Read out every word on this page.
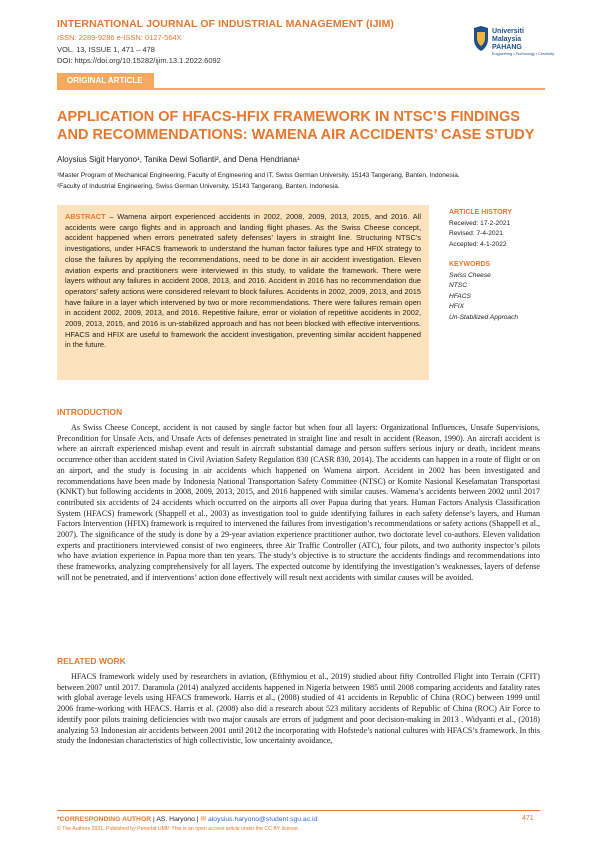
INTERNATIONAL JOURNAL OF INDUSTRIAL MANAGEMENT (IJIM)
ISSN: 2289-9286 e-ISSN: 0127-564X
VOL. 13, ISSUE 1, 471 – 478
DOI: https://doi.org/10.15282/ijim.13.1.2022.6092
Universiti
Malaysia
PAHANG
Engineering • Technology • Creativity
ORIGINAL ARTICLE
APPLICATION OF HFACS-HFIX FRAMEWORK IN NTSC’S FINDINGS AND RECOMMENDATIONS: WAMENA AIR ACCIDENTS’ CASE STUDY
Aloysius Sigit Haryono¹, Tanika Dewi Sofianti², and Dena Hendriana¹
¹Master Program of Mechanical Engineering, Faculty of Engineering and IT, Swiss German University, 15143 Tangerang, Banten, Indonesia.
²Faculty of Industrial Engineering, Swiss German University, 15143 Tangerang, Banten, Indonesia.
ABSTRACT – Wamena airport experienced accidents in 2002, 2008, 2009, 2013, 2015, and 2016. All accidents were cargo flights and in approach and landing flight phases. As the Swiss Cheese concept, accident happened when errors penetrated safety defenses’ layers in straight line. Structuring NTSC’s investigations, under HFACS framework to understand the human factor failures type and HFIX strategy to close the failures by applying the recommendations, need to be done in air accident investigation. Eleven aviation experts and practitioners were interviewed in this study, to validate the framework. There were layers without any failures in accident 2008, 2013, and 2016. Accident in 2016 has no recommendation due operators’ safety actions were considered relevant to block failures. Accidents in 2002, 2009, 2013, and 2015 have failure in a layer which intervened by two or more recommendations. There were failures remain open in accident 2002, 2009, 2013, and 2016. Repetitive failure, error or violation of repetitive accidents in 2002, 2009, 2013, 2015, and 2016 is un-stabilized approach and has not been blocked with effective interventions. HFACS and HFIX are useful to framework the accident investigation, preventing similar accident happened in the future.
ARTICLE HISTORY
Received: 17-2-2021
Revised: 7-4-2021
Accepted: 4-1-2022
KEYWORDS
Swiss Cheese
NTSC
HFACS
HFIX
Un-Stabilized Approach
INTRODUCTION
As Swiss Cheese Concept, accident is not caused by single factor but when four all layers: Organizational Influences, Unsafe Supervisions, Precondition for Unsafe Acts, and Unsafe Acts of defenses penetrated in straight line and result in accident (Reason, 1990). An aircraft accident is where an aircraft experienced mishap event and result in aircraft substantial damage and person suffers serious injury or death, incident means occurrence other than accident stated in Civil Aviation Safety Regulation 830 (CASR 830, 2014). The accidents can happen in a route of flight or on an airport, and the study is focusing in air accidents which happened on Wamena airport. Accident in 2002 has been investigated and recommendations have been made by Indonesia National Transportation Safety Committee (NTSC) or Komite Nasional Keselamatan Transportasi (KNKT) but following accidents in 2008, 2009, 2013, 2015, and 2016 happened with similar causes. Wamena’s accidents between 2002 until 2017 contributed six accidents of 24 accidents which occurred on the airports all over Papua during that years. Human Factors Analysis Classification System (HFACS) framework (Shappell et al., 2003) as investigation tool to guide identifying failures in each safety defense’s layers, and Human Factors Intervention (HFIX) framework is required to intervened the failures from investigation’s recommendations or safety actions (Shappell et al., 2007). The significance of the study is done by a 29-year aviation experience practitioner author, two doctorate level co-authors. Eleven validation experts and practitioners interviewed consist of two engineers, three Air Traffic Controller (ATC), four pilots, and two authority inspector’s pilots who have aviation experience in Papua more than ten years. The study’s objective is to structure the accidents findings and recommendations into these frameworks, analyzing comprehensively for all layers. The expected outcome by identifying the investigation’s weaknesses, layers of defense will not be penetrated, and if interventions’ action done effectively will result next accidents with similar causes will be avoided.
RELATED WORK
HFACS framework widely used by researchers in aviation, (Efthymiou et al., 2019) studied about fifty Controlled Flight into Terrain (CFIT) between 2007 until 2017. Daramola (2014) analyzed accidents happened in Nigeria between 1985 until 2008 comparing accidents and fatality rates with global average levels using HFACS framework. Harris et al., (2008) studied of 41 accidents in Republic of China (ROC) between 1999 until 2006 frame-working with HFACS. Harris et al. (2008) also did a research about 523 military accidents of Republic of China (ROC) Air Force to identify poor pilots training deficiencies with two major causals are errors of judgment and poor decision-making in 2013 . Widyanti et al., (2018) analyzing 53 Indonesian air accidents between 2001 until 2012 the incorporating with Hofstede’s national cultures with HFACS’s framework. In this study the Indonesian characteristics of high collectivistic, low uncertainty avoidance,
*CORRESPONDING AUTHOR | AS. Haryono | ✉ aloysius.haryono@student.sgu.ac.id
© The Authors 2021. Published by Penerbit UMP. This is an open access article under the CC BY license.
471
